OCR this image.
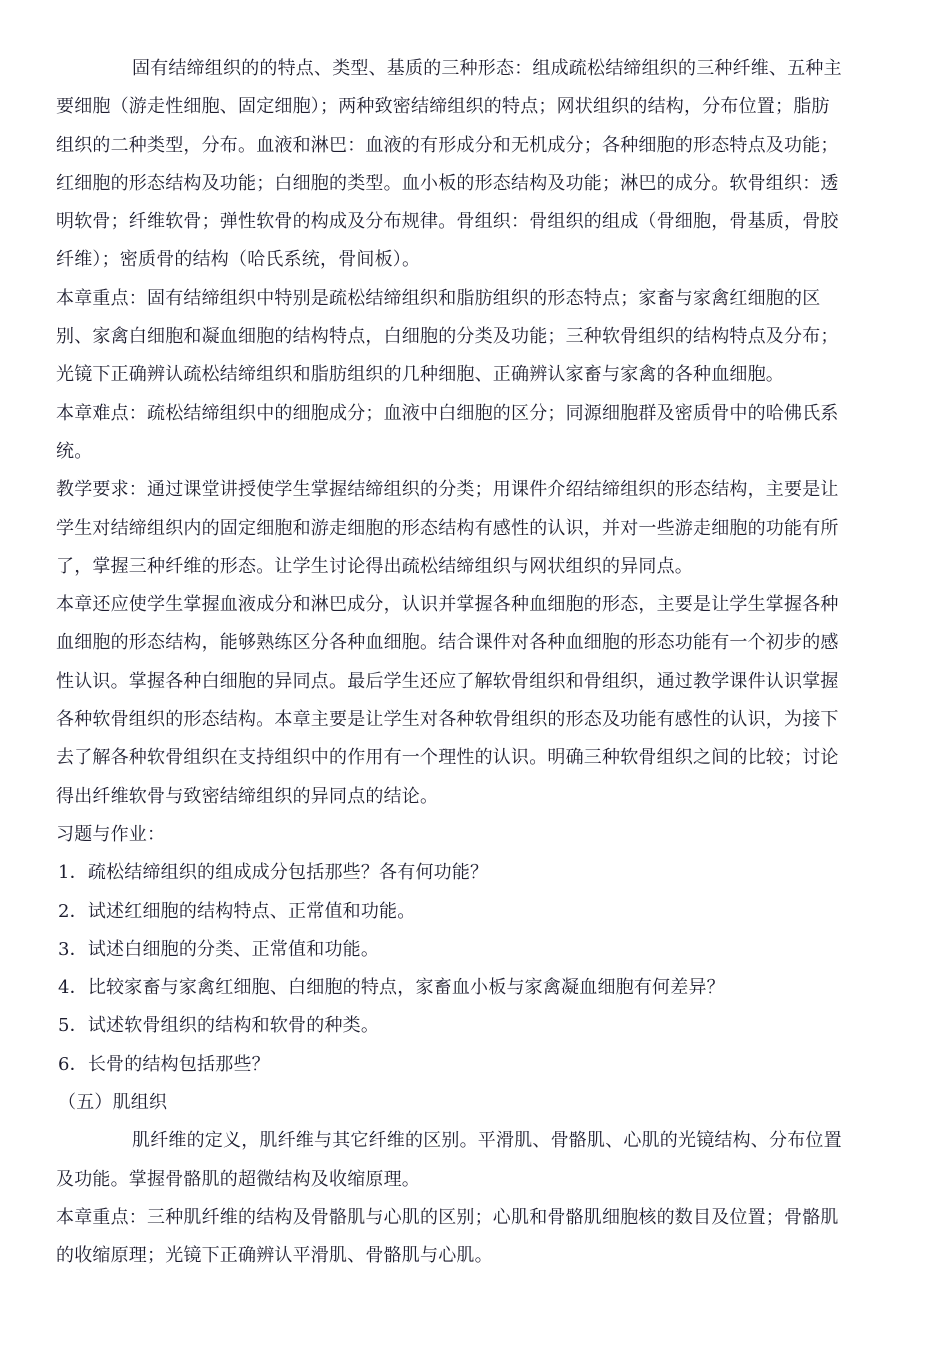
固有结缔组织的的特点、类型、基质的三种形态：组成疏松结缔组织的三种纤维、五种主
要细胞（游走性细胞、固定细胞）；两种致密结缔组织的特点；网状组织的结构，分布位置；脂肪
组织的二种类型，分布。血液和淋巴：血液的有形成分和无机成分；各种细胞的形态特点及功能；
红细胞的形态结构及功能；白细胞的类型。血小板的形态结构及功能；淋巴的成分。软骨组织：透
明软骨；纤维软骨；弹性软骨的构成及分布规律。骨组织：骨组织的组成（骨细胞，骨基质，骨胶
纤维）；密质骨的结构（哈氏系统，骨间板）。
本章重点：固有结缔组织中特别是疏松结缔组织和脂肪组织的形态特点；家畜与家禽红细胞的区
别、家禽白细胞和凝血细胞的结构特点，白细胞的分类及功能；三种软骨组织的结构特点及分布；
光镜下正确辨认疏松结缔组织和脂肪组织的几种细胞、正确辨认家畜与家禽的各种血细胞。
本章难点：疏松结缔组织中的细胞成分；血液中白细胞的区分；同源细胞群及密质骨中的哈佛氏系
统。
教学要求：通过课堂讲授使学生掌握结缔组织的分类；用课件介绍结缔组织的形态结构，主要是让
学生对结缔组织内的固定细胞和游走细胞的形态结构有感性的认识，并对一些游走细胞的功能有所
了，掌握三种纤维的形态。让学生讨论得出疏松结缔组织与网状组织的异同点。
本章还应使学生掌握血液成分和淋巴成分，认识并掌握各种血细胞的形态，主要是让学生掌握各种
血细胞的形态结构，能够熟练区分各种血细胞。结合课件对各种血细胞的形态功能有一个初步的感
性认识。掌握各种白细胞的异同点。最后学生还应了解软骨组织和骨组织，通过教学课件认识掌握
各种软骨组织的形态结构。本章主要是让学生对各种软骨组织的形态及功能有感性的认识，为接下
去了解各种软骨组织在支持组织中的作用有一个理性的认识。明确三种软骨组织之间的比较；讨论
得出纤维软骨与致密结缔组织的异同点的结论。
习题与作业：
1．疏松结缔组织的组成成分包括那些？各有何功能？
2．试述红细胞的结构特点、正常值和功能。
3．试述白细胞的分类、正常值和功能。
4．比较家畜与家禽红细胞、白细胞的特点，家畜血小板与家禽凝血细胞有何差异？
5．试述软骨组织的结构和软骨的种类。
6．长骨的结构包括那些？
（五）肌组织
肌纤维的定义，肌纤维与其它纤维的区别。平滑肌、骨骼肌、心肌的光镜结构、分布位置
及功能。掌握骨骼肌的超微结构及收缩原理。
本章重点：三种肌纤维的结构及骨骼肌与心肌的区别；心肌和骨骼肌细胞核的数目及位置；骨骼肌
的收缩原理；光镜下正确辨认平滑肌、骨骼肌与心肌。
